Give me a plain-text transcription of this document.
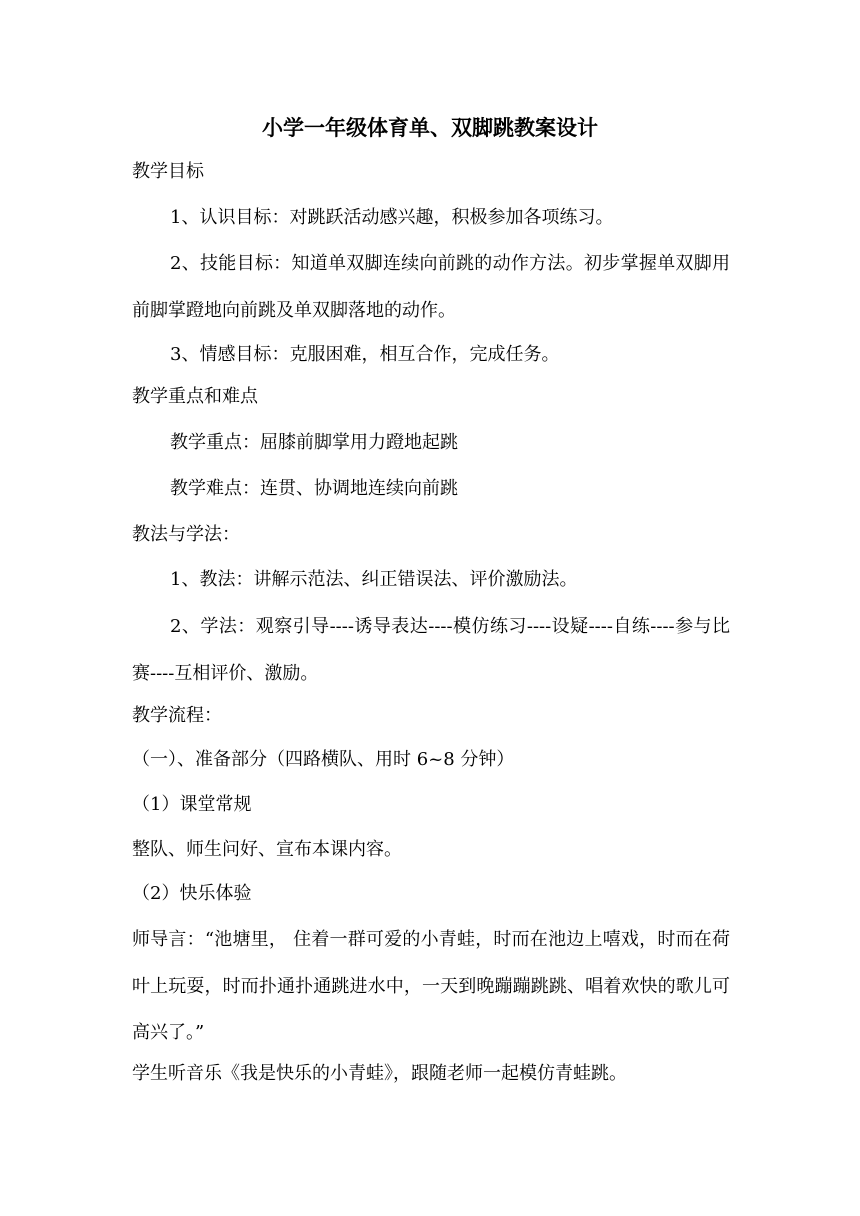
小学一年级体育单、双脚跳教案设计

教学目标

1、认识目标：对跳跃活动感兴趣，积极参加各项练习。

2、技能目标：知道单双脚连续向前跳的动作方法。初步掌握单双脚用前脚掌蹬地向前跳及单双脚落地的动作。

3、情感目标：克服困难，相互合作，完成任务。

教学重点和难点

教学重点：屈膝前脚掌用力蹬地起跳

教学难点：连贯、协调地连续向前跳

教法与学法：

1、教法：讲解示范法、纠正错误法、评价激励法。

2、学法：观察引导----诱导表达----模仿练习----设疑----自练----参与比赛----互相评价、激励。

教学流程：

（一）、准备部分（四路横队、用时 6~8 分钟）

（1）课堂常规

整队、师生问好、宣布本课内容。

（2）快乐体验

师导言：“池塘里， 住着一群可爱的小青蛙，时而在池边上嘻戏，时而在荷叶上玩耍，时而扑通扑通跳进水中，一天到晚蹦蹦跳跳、唱着欢快的歌儿可高兴了。”

学生听音乐《我是快乐的小青蛙》，跟随老师一起模仿青蛙跳。
